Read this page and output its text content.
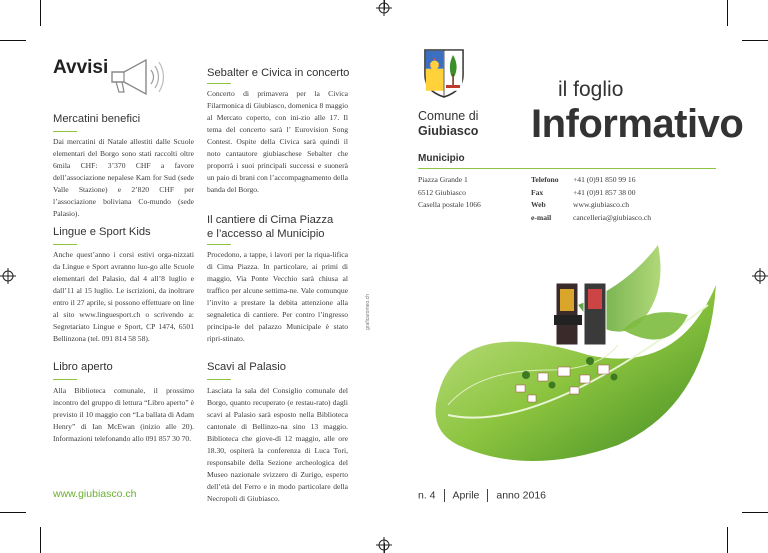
Avvisi
Mercatini benefici
Dai mercatini di Natale allestiti dalle Scuole elementari del Borgo sono stati raccolti oltre 6mila CHF: 3’370 CHF a favore dell’associazione nepalese Kam for Sud (sede Valle Stazione) e 2’820 CHF per l’associazione boliviana Co-mundo (sede Palasio).
Lingue e Sport Kids
Anche quest’anno i corsi estivi orga-nizzati da Lingue e Sport avranno luo-go alle Scuole elementari del Palasio, dal 4 all’8 luglio e dall’11 al 15 luglio. Le iscrizioni, da inoltrare entro il 27 aprile, si possono effettuare on line al sito www.linguesport.ch o scrivendo a: Segretariato Lingue e Sport, CP 1474, 6501 Bellinzona (tel. 091 814 58 58).
Libro aperto
Alla Biblioteca comunale, il prossimo incontro del gruppo di lettura “Libro aperto” è previsto il 10 maggio con “La ballata di Adam Henry” di Ian McEwan (inizio alle 20). Informazioni telefonando allo 091 857 30 70.
www.giubiasco.ch
Sebalter e Civica in concerto
Concerto di primavera per la Civica Filarmonica di Giubiasco, domenica 8 maggio al Mercato coperto, con ini-zio alle 17. Il tema del concerto sarà l’ Eurovision Song Contest. Ospite della Civica sarà quindi il noto cantautore giubiaschese Sebalter che proporrà i suoi principali successi e suonerà un paio di brani con l’accompagnamento della banda del Borgo.
Il cantiere di Cima Piazza
e l’accesso al Municipio
Procedono, a tappe, i lavori per la riqua-lifica di Cima Piazza. In particolare, ai primi di maggio, Via Ponte Vecchio sarà chiusa al traffico per alcune settima-ne. Vale comunque l’invito a prestare la debita attenzione alla segnaletica di cantiere. Per contro l’ingresso principa-le del palazzo Municipale è stato ripri-stinato.
graficaromeo.ch
Scavi al Palasio
Lasciata la sala del Consiglio comunale del Borgo, quanto recuperato (e restau-rato) dagli scavi al Palasio sarà esposto nella Biblioteca cantonale di Bellinzo-na sino 13 maggio. Biblioteca che giove-dì 12 maggio, alle ore 18.30, ospiterà la conferenza di Luca Tori, responsabile della Sezione archeologica del Museo nazionale svizzero di Zurigo, esperto dell’età del Ferro e in modo particolare della Necropoli di Giubiasco.
Comune di
Giubiasco
il foglio
Informativo
Municipio
Piazza Grande 1
6512 Giubiasco
Casella postale 1066
Telefono +41 (0)91 850 99 16
Fax	+41 (0)91 857 38 00
Web	www.giubiasco.ch
e-mail	cancelleria@giubiasco.ch
n. 4 Aprile anno 2016
